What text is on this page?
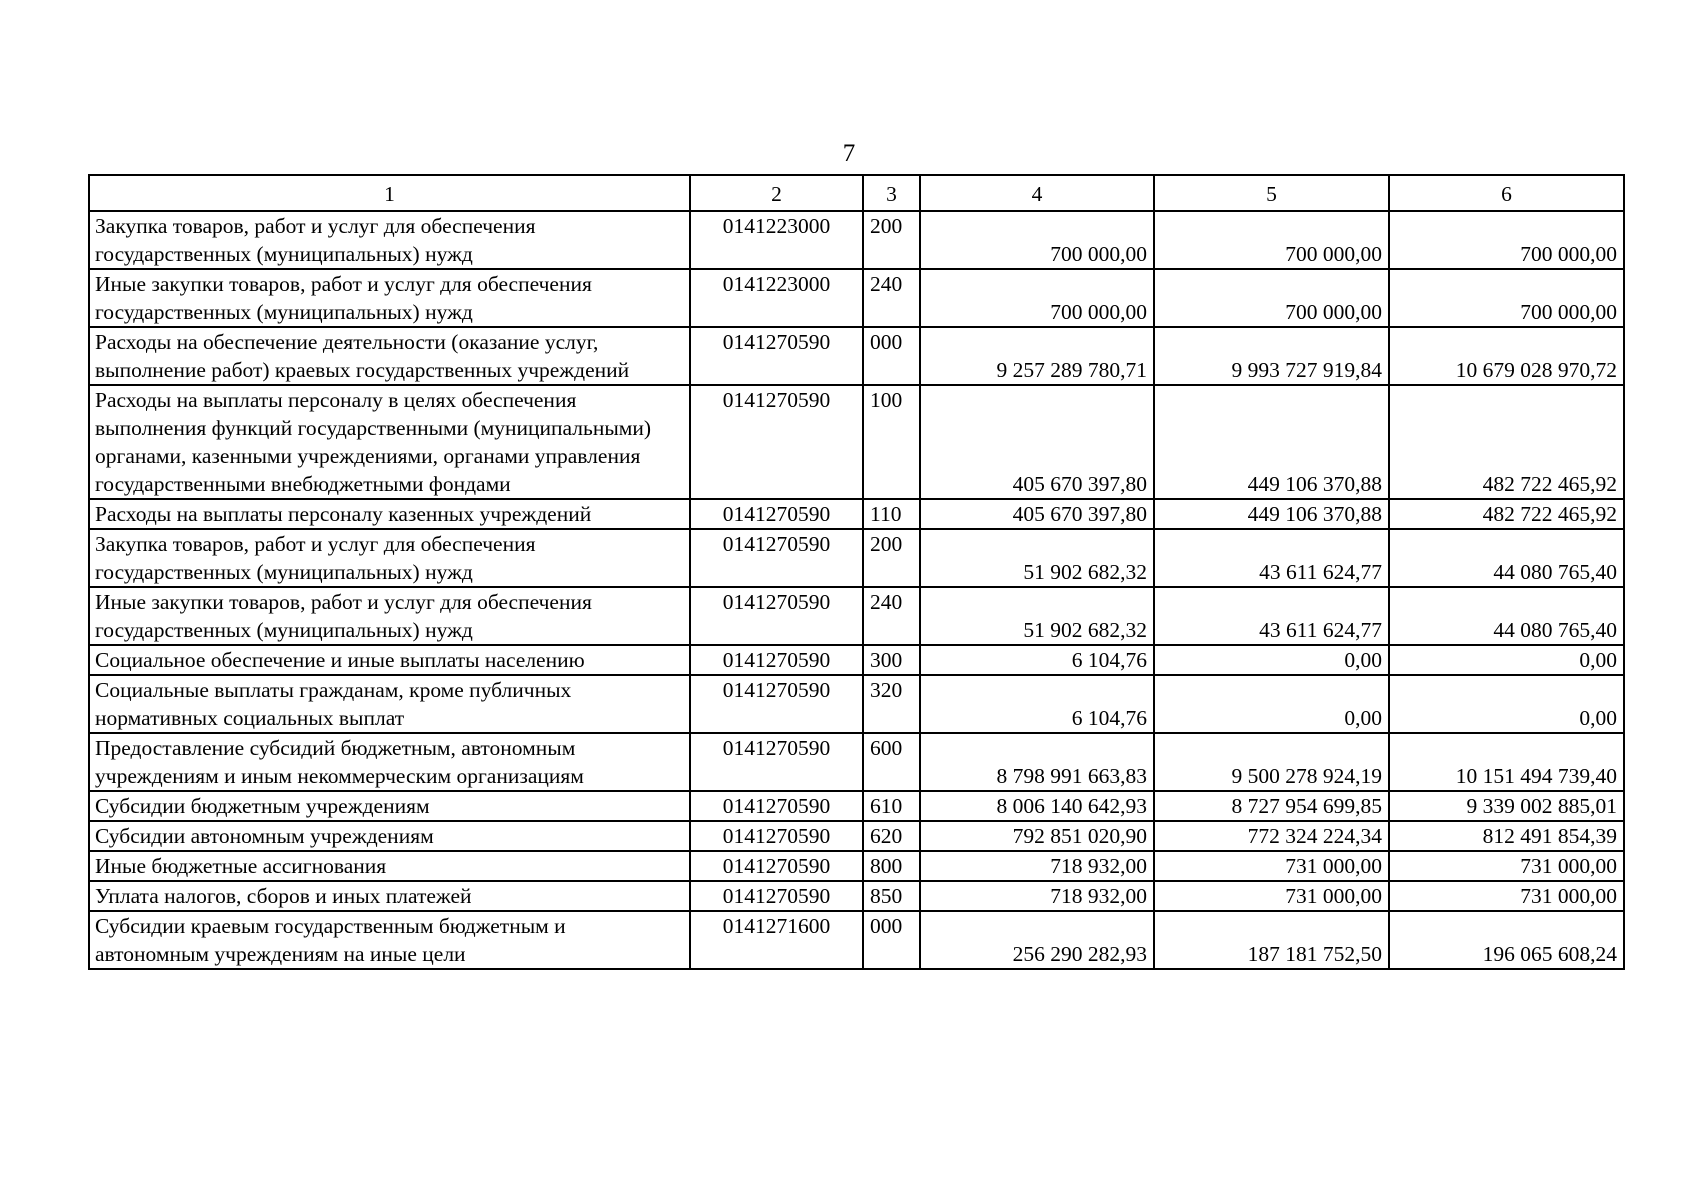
7
1	2	3	4	5	6
Закупка товаров, работ и услуг для обеспечения государственных (муниципальных) нужд	0141223000	200	700 000,00	700 000,00	700 000,00
Иные закупки товаров, работ и услуг для обеспечения государственных (муниципальных) нужд	0141223000	240	700 000,00	700 000,00	700 000,00
Расходы на обеспечение деятельности (оказание услуг, выполнение работ) краевых государственных учреждений	0141270590	000	9 257 289 780,71	9 993 727 919,84	10 679 028 970,72
Расходы на выплаты персоналу в целях обеспечения выполнения функций государственными (муниципальными) органами, казенными учреждениями, органами управления государственными внебюджетными фондами	0141270590	100	405 670 397,80	449 106 370,88	482 722 465,92
Расходы на выплаты персоналу казенных учреждений	0141270590	110	405 670 397,80	449 106 370,88	482 722 465,92
Закупка товаров, работ и услуг для обеспечения государственных (муниципальных) нужд	0141270590	200	51 902 682,32	43 611 624,77	44 080 765,40
Иные закупки товаров, работ и услуг для обеспечения государственных (муниципальных) нужд	0141270590	240	51 902 682,32	43 611 624,77	44 080 765,40
Социальное обеспечение и иные выплаты населению	0141270590	300	6 104,76	0,00	0,00
Социальные выплаты гражданам, кроме публичных нормативных социальных выплат	0141270590	320	6 104,76	0,00	0,00
Предоставление субсидий бюджетным, автономным учреждениям и иным некоммерческим организациям	0141270590	600	8 798 991 663,83	9 500 278 924,19	10 151 494 739,40
Субсидии бюджетным учреждениям	0141270590	610	8 006 140 642,93	8 727 954 699,85	9 339 002 885,01
Субсидии автономным учреждениям	0141270590	620	792 851 020,90	772 324 224,34	812 491 854,39
Иные бюджетные ассигнования	0141270590	800	718 932,00	731 000,00	731 000,00
Уплата налогов, сборов и иных платежей	0141270590	850	718 932,00	731 000,00	731 000,00
Субсидии краевым государственным бюджетным и автономным учреждениям на иные цели	0141271600	000	256 290 282,93	187 181 752,50	196 065 608,24
